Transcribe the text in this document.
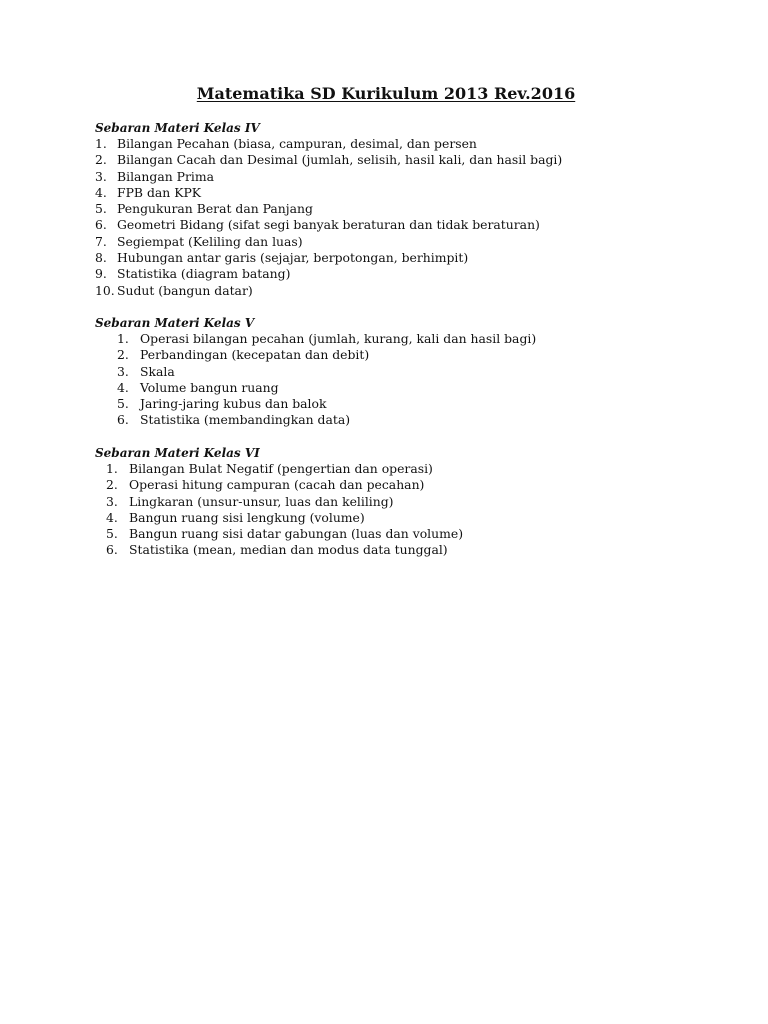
Matematika SD Kurikulum 2013 Rev.2016
Sebaran Materi Kelas IV
1. Bilangan Pecahan (biasa, campuran, desimal, dan persen
2. Bilangan Cacah dan Desimal (jumlah, selisih, hasil kali, dan hasil bagi)
3. Bilangan Prima
4. FPB dan KPK
5. Pengukuran Berat dan Panjang
6. Geometri Bidang (sifat segi banyak beraturan dan tidak beraturan)
7. Segiempat (Keliling dan luas)
8. Hubungan antar garis (sejajar, berpotongan, berhimpit)
9. Statistika (diagram batang)
10. Sudut (bangun datar)
Sebaran Materi Kelas V
1. Operasi bilangan pecahan (jumlah, kurang, kali dan hasil bagi)
2. Perbandingan (kecepatan dan debit)
3. Skala
4. Volume bangun ruang
5. Jaring-jaring kubus dan balok
6. Statistika (membandingkan data)
Sebaran Materi Kelas VI
1. Bilangan Bulat Negatif (pengertian dan operasi)
2. Operasi hitung campuran (cacah dan pecahan)
3. Lingkaran (unsur-unsur, luas dan keliling)
4. Bangun ruang sisi lengkung (volume)
5. Bangun ruang sisi datar gabungan (luas dan volume)
6. Statistika (mean, median dan modus data tunggal)
